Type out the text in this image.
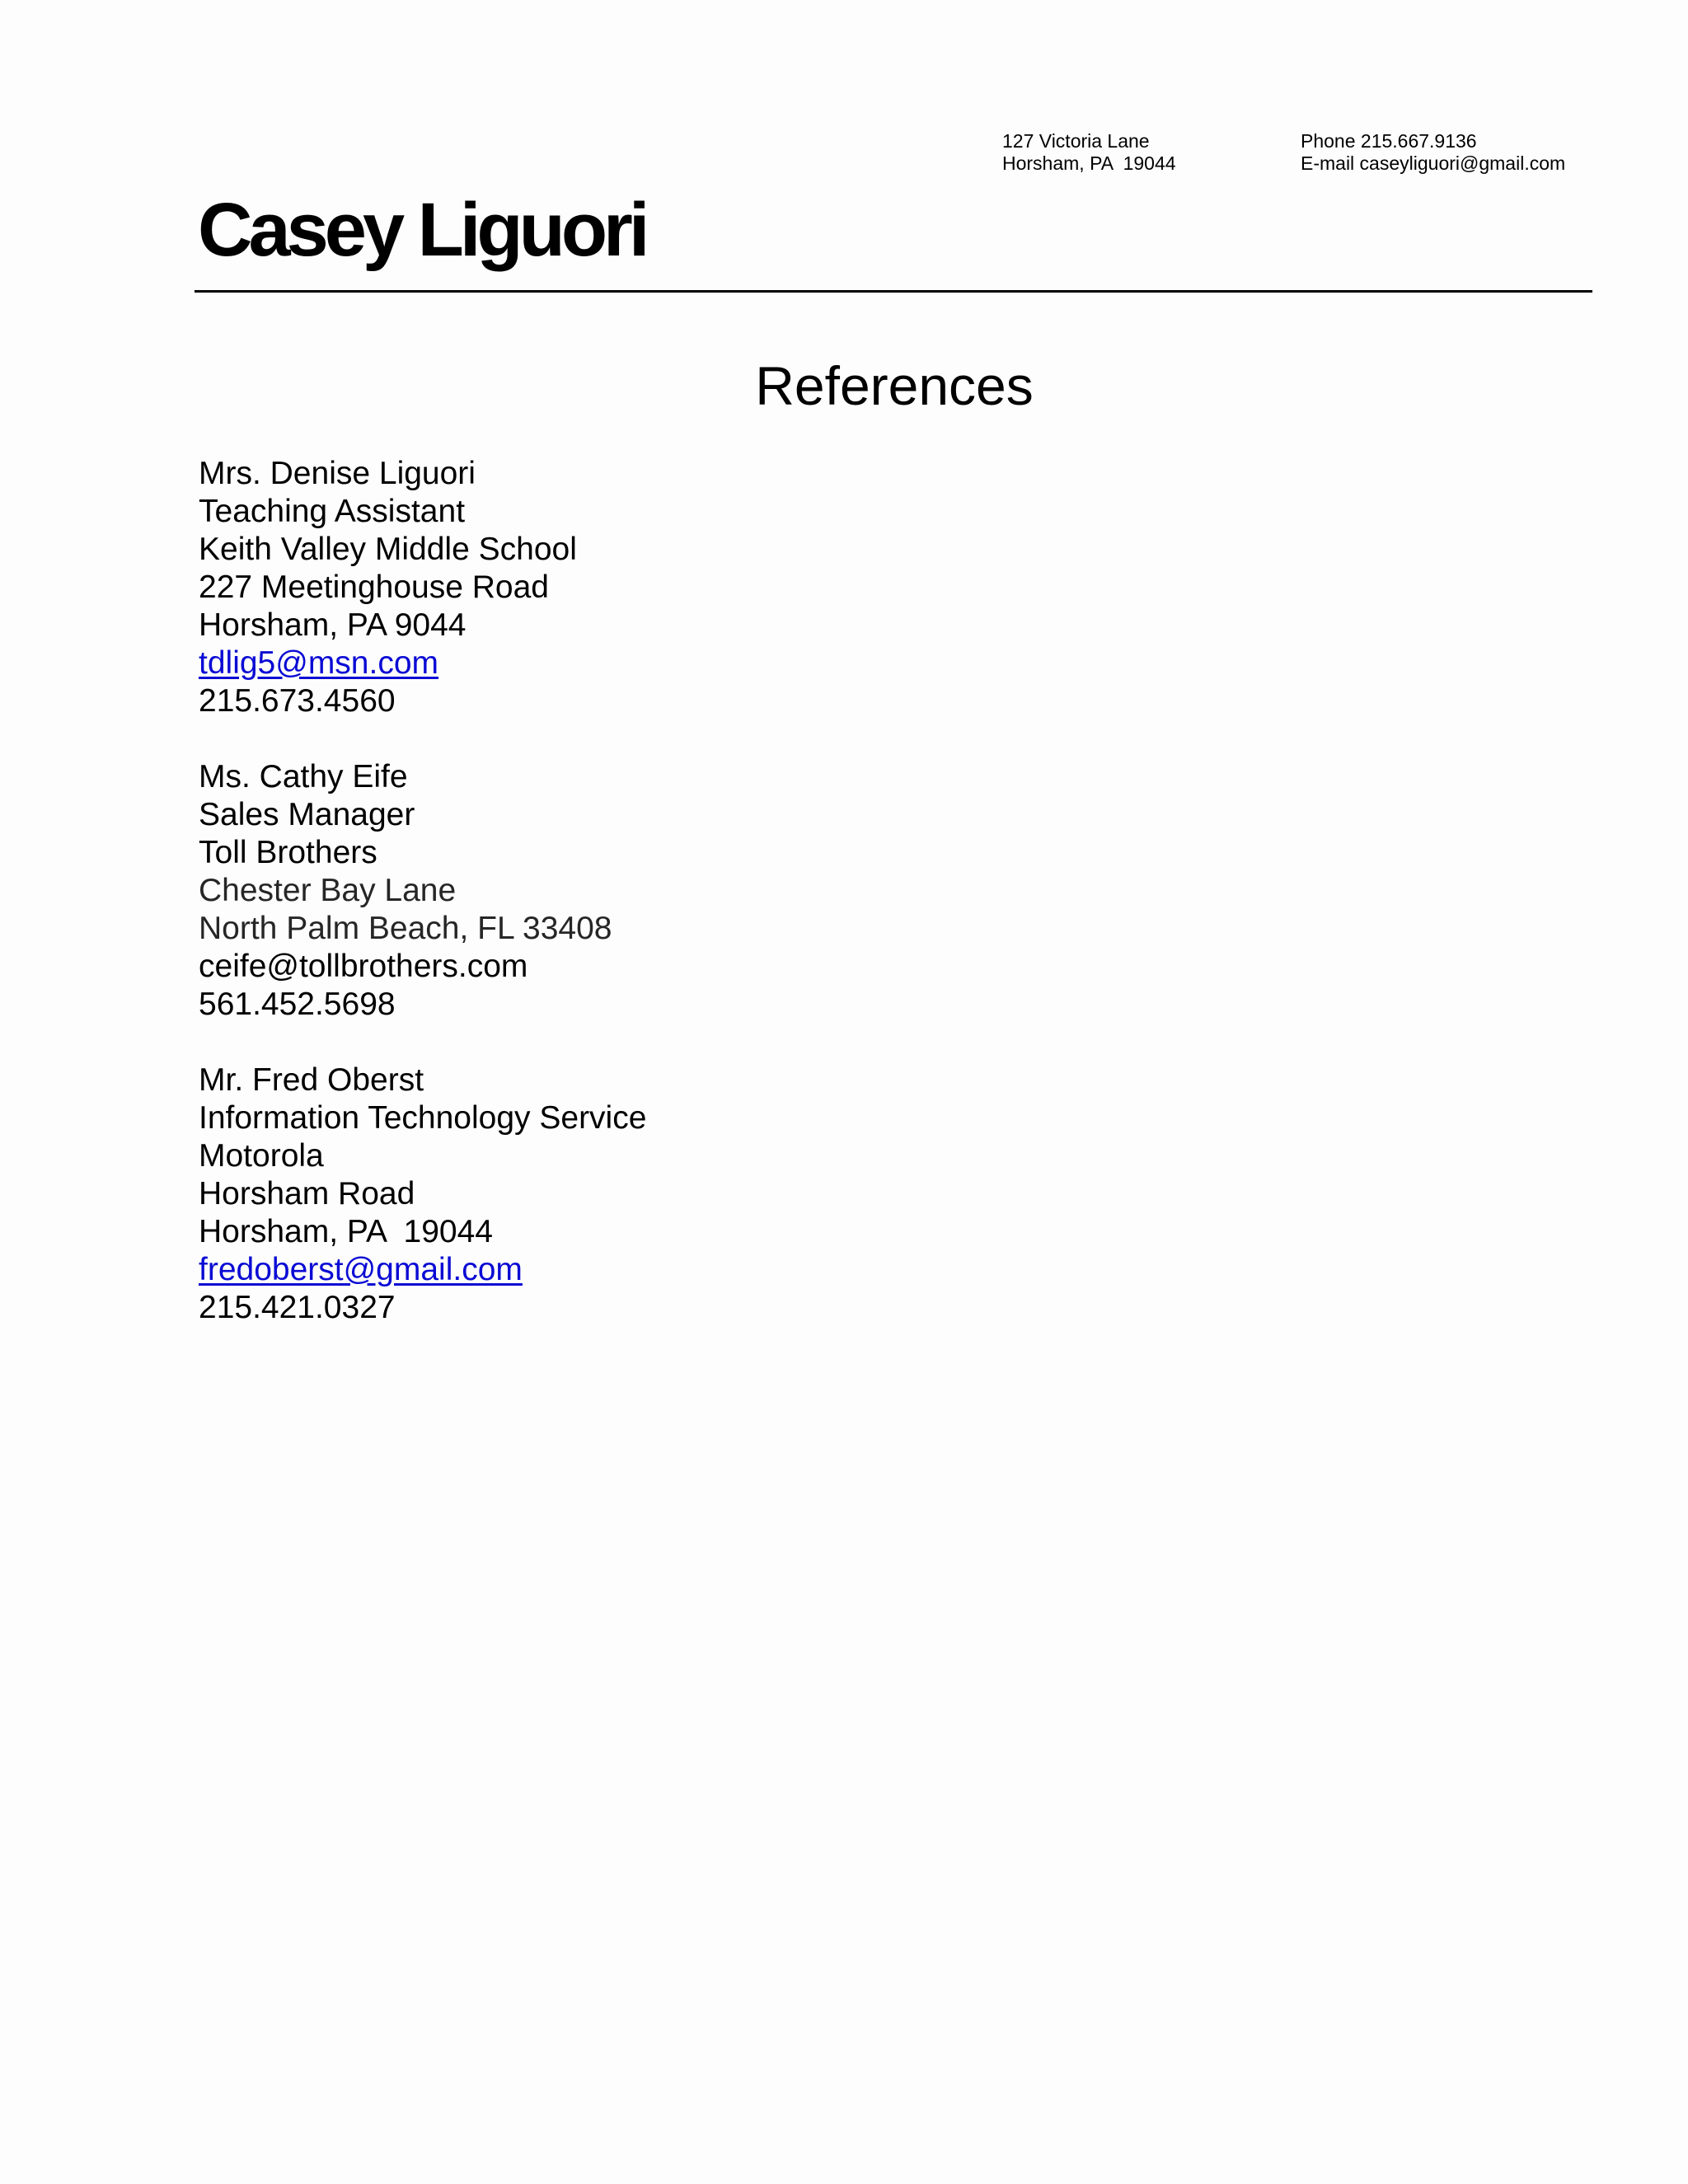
127 Victoria Lane
Horsham, PA  19044
Phone 215.667.9136
E-mail caseyliguori@gmail.com
Casey Liguori
References
Mrs. Denise Liguori
Teaching Assistant
Keith Valley Middle School
227 Meetinghouse Road
Horsham, PA 9044
tdlig5@msn.com
215.673.4560
Ms. Cathy Eife
Sales Manager
Toll Brothers
Chester Bay Lane
North Palm Beach, FL 33408
ceife@tollbrothers.com
561.452.5698
Mr. Fred Oberst
Information Technology Service
Motorola
Horsham Road
Horsham, PA  19044
fredoberst@gmail.com
215.421.0327
